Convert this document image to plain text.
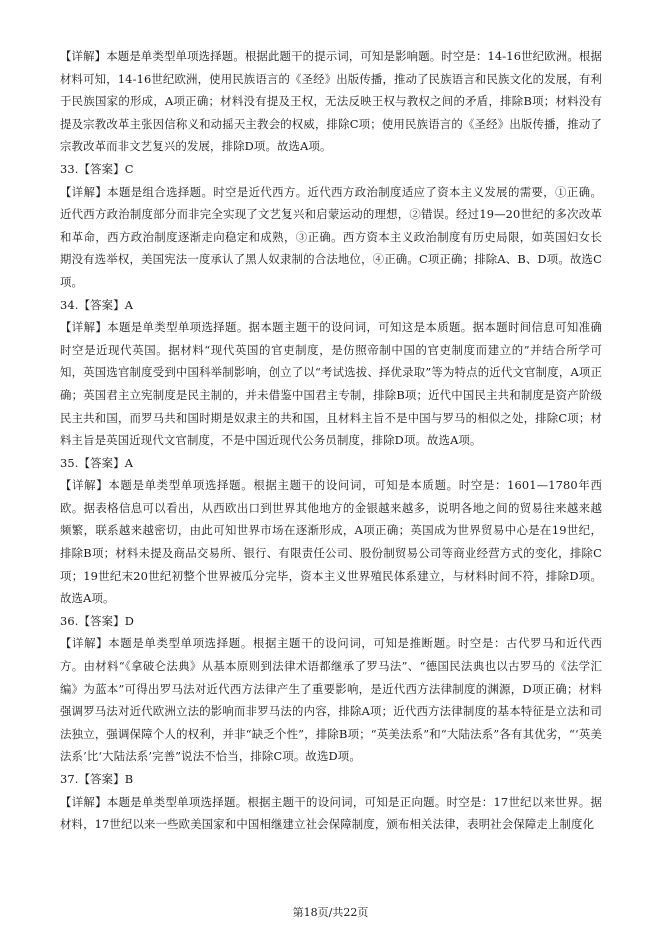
【详解】本题是单类型单项选择题。根据此题干的提示词，可知是影响题。时空是：14-16世纪欧洲。根据材料可知，14-16世纪欧洲，使用民族语言的《圣经》出版传播，推动了民族语言和民族文化的发展，有利于民族国家的形成，A项正确；材料没有提及王权，无法反映王权与教权之间的矛盾，排除B项；材料没有提及宗教改革主张因信称义和动摇天主教会的权威，排除C项；使用民族语言的《圣经》出版传播，推动了宗教改革而非文艺复兴的发展，排除D项。故选A项。

33.【答案】C

【详解】本题是组合选择题。时空是近代西方。近代西方政治制度适应了资本主义发展的需要，①正确。近代西方政治制度部分而非完全实现了文艺复兴和启蒙运动的理想，②错误。经过19—20世纪的多次改革和革命，西方政治制度逐渐走向稳定和成熟，③正确。西方资本主义政治制度有历史局限，如英国妇女长期没有选举权，美国宪法一度承认了黑人奴隶制的合法地位，④正确。C项正确；排除A、B、D项。故选C项。

34.【答案】A

【详解】本题是单类型单项选择题。据本题主题干的设问词，可知这是本质题。据本题时间信息可知准确时空是近现代英国。据材料“现代英国的官吏制度，是仿照帝制中国的官吏制度而建立的”并结合所学可知，英国选官制度受到中国科举制影响，创立了以“考试选拔、择优录取”等为特点的近代文官制度，A项正确；英国君主立宪制度是民主制的，并未借鉴中国君主专制，排除B项；近代中国民主共和制度是资产阶级民主共和国，而罗马共和国时期是奴隶主的共和国，且材料主旨不是中国与罗马的相似之处，排除C项；材料主旨是英国近现代文官制度，不是中国近现代公务员制度，排除D项。故选A项。

35.【答案】A

【详解】本题是单类型单项选择题。根据主题干的设问词，可知是本质题。时空是：1601—1780年西欧。据表格信息可以看出，从西欧出口到世界其他地方的金银越来越多，说明各地之间的贸易往来越来越频繁，联系越来越密切，由此可知世界市场在逐渐形成，A项正确；英国成为世界贸易中心是在19世纪，排除B项；材料未提及商品交易所、银行、有限责任公司、股份制贸易公司等商业经营方式的变化，排除C项；19世纪末20世纪初整个世界被瓜分完毕，资本主义世界殖民体系建立，与材料时间不符，排除D项。故选A项。

36.【答案】D

【详解】本题是单类型单项选择题。根据主题干的设问词，可知是推断题。时空是：古代罗马和近代西方。由材料“《拿破仑法典》从基本原则到法律术语都继承了罗马法”、“德国民法典也以古罗马的《法学汇编》为蓝本”可得出罗马法对近代西方法律产生了重要影响，是近代西方法律制度的渊源，D项正确；材料强调罗马法对近代欧洲立法的影响而非罗马法的内容，排除A项；近代西方法律制度的基本特征是立法和司法独立，强调保障个人的权利，并非“缺乏个性”，排除B项；“英美法系”和“大陆法系”各有其优劣，“‘英美法系’比‘大陆法系’完善”说法不恰当，排除C项。故选D项。

37.【答案】B

【详解】本题是单类型单项选择题。根据主题干的设问词，可知是正向题。时空是：17世纪以来世界。据材料，17世纪以来一些欧美国家和中国相继建立社会保障制度，颁布相关法律，表明社会保障走上制度化

第18页/共22页
